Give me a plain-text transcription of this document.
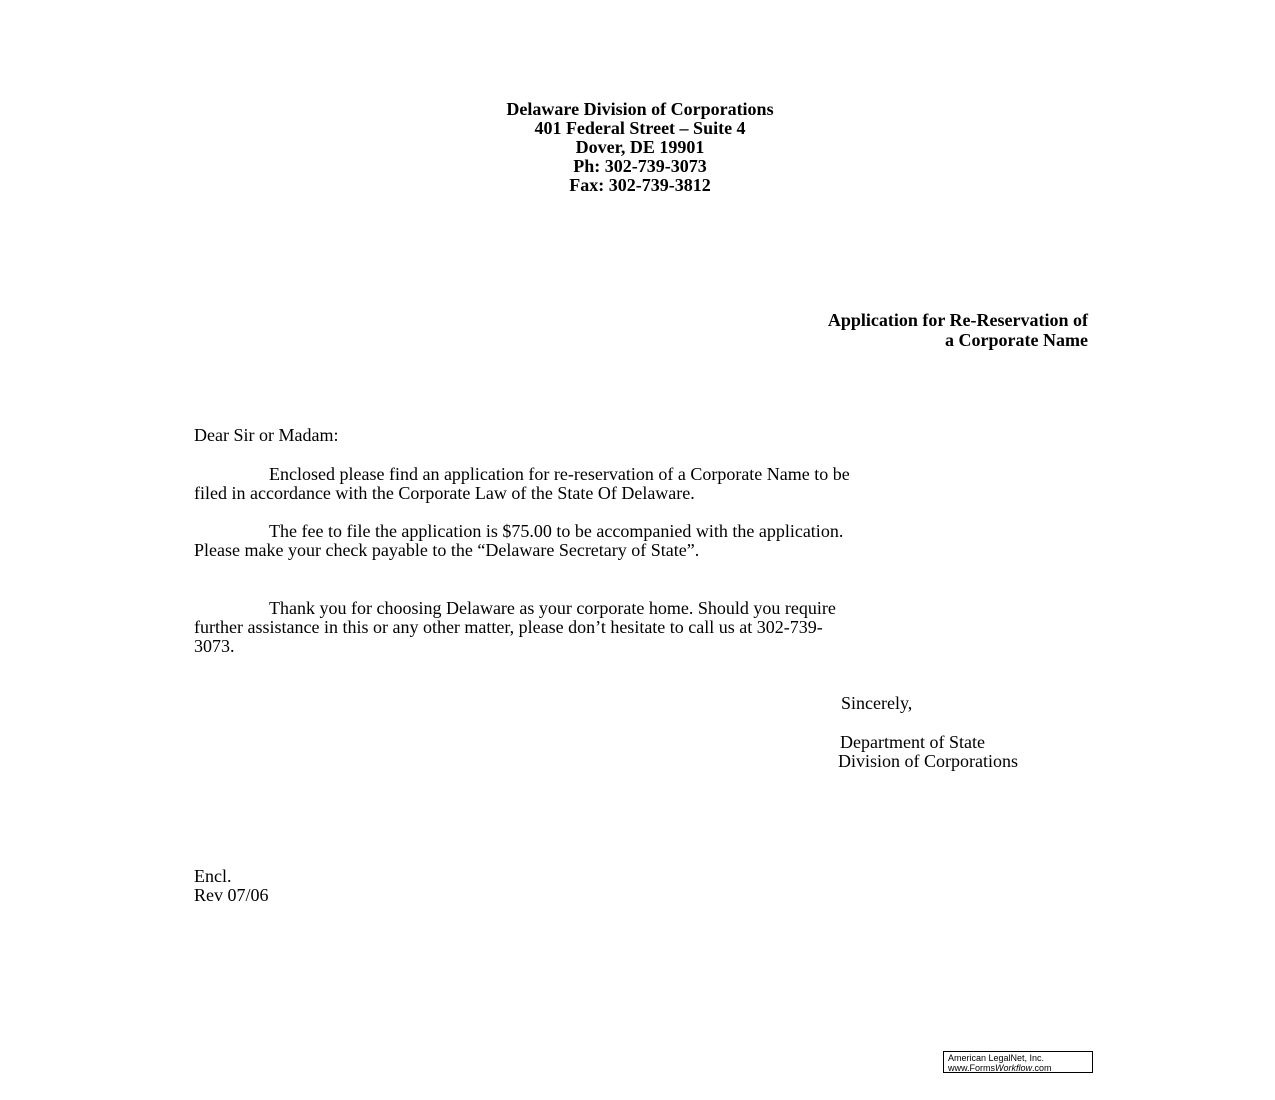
Delaware Division of Corporations
401 Federal Street – Suite 4
Dover, DE 19901
Ph: 302-739-3073
Fax: 302-739-3812
Application for Re-Reservation of
a Corporate Name
Dear Sir or Madam:
Enclosed please find an application for re-reservation of a Corporate Name to be
filed in accordance with the Corporate Law of the State Of Delaware.
The fee to file the application is $75.00 to be accompanied with the application.
Please make your check payable to the “Delaware Secretary of State”.
Thank you for choosing Delaware as your corporate home. Should you require
further assistance in this or any other matter, please don’t hesitate to call us at 302-739-
3073.
Sincerely,
Department of State
Division of Corporations
Encl.
Rev 07/06
American LegalNet, Inc.
www.FormsWorkflow.com
